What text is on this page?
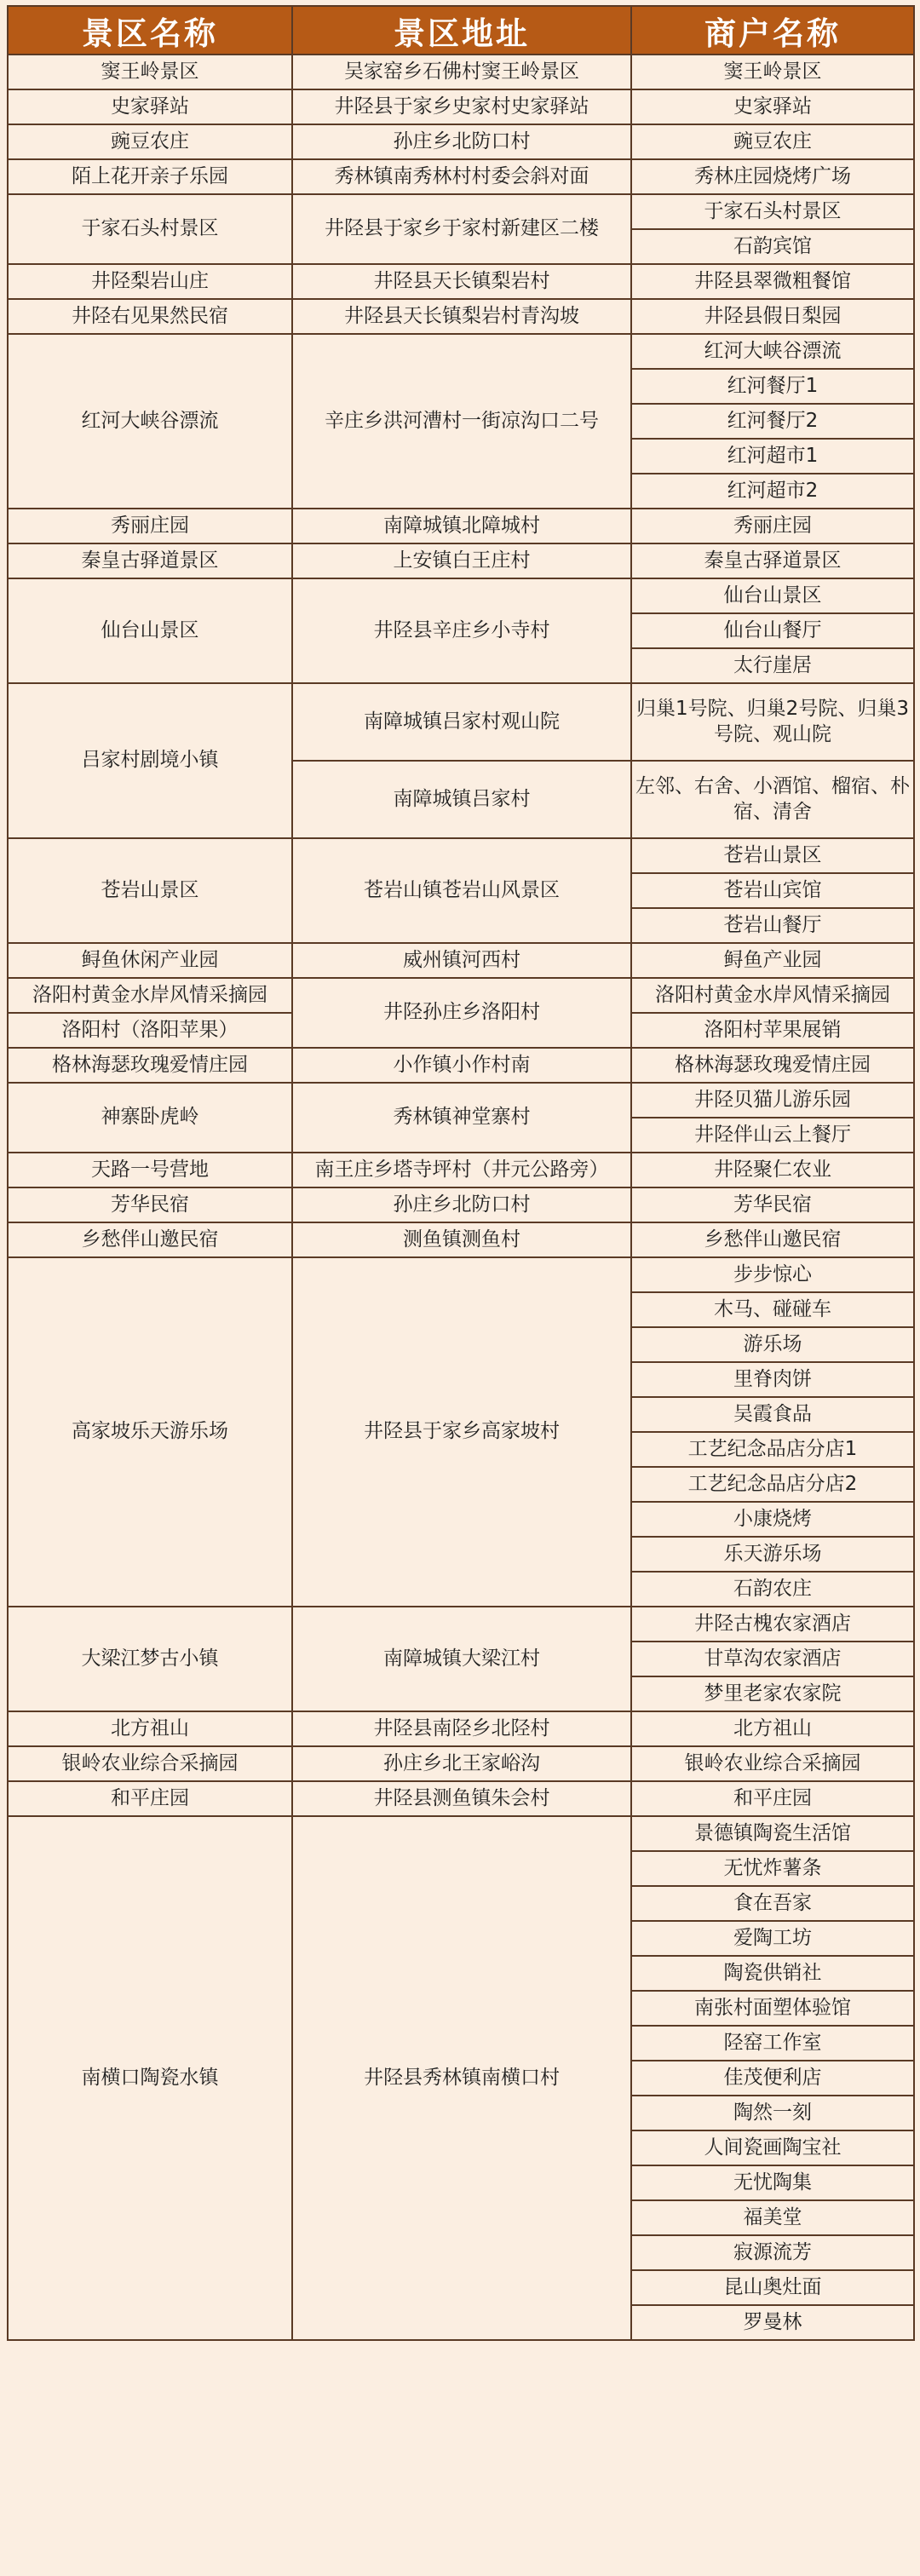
景区名称	景区地址	商户名称
窦王岭景区	吴家窑乡石佛村窦王岭景区	窦王岭景区
史家驿站	井陉县于家乡史家村史家驿站	史家驿站
豌豆农庄	孙庄乡北防口村	豌豆农庄
陌上花开亲子乐园	秀林镇南秀林村村委会斜对面	秀林庄园烧烤广场
于家石头村景区	井陉县于家乡于家村新建区二楼	于家石头村景区
		石韵宾馆
井陉梨岩山庄	井陉县天长镇梨岩村	井陉县翠微粗餐馆
井陉右见果然民宿	井陉县天长镇梨岩村青沟坡	井陉县假日梨园
红河大峡谷漂流	辛庄乡洪河漕村一街凉沟口二号	红河大峡谷漂流
		红河餐厅1
		红河餐厅2
		红河超市1
		红河超市2
秀丽庄园	南障城镇北障城村	秀丽庄园
秦皇古驿道景区	上安镇白王庄村	秦皇古驿道景区
仙台山景区	井陉县辛庄乡小寺村	仙台山景区
		仙台山餐厅
		太行崖居
吕家村剧境小镇	南障城镇吕家村观山院	归巢1号院、归巢2号院、归巢3号院、观山院
	南障城镇吕家村	左邻、右舍、小酒馆、榴宿、朴宿、清舍
苍岩山景区	苍岩山镇苍岩山风景区	苍岩山景区
		苍岩山宾馆
		苍岩山餐厅
鲟鱼休闲产业园	威州镇河西村	鲟鱼产业园
洛阳村黄金水岸风情采摘园	井陉孙庄乡洛阳村	洛阳村黄金水岸风情采摘园
洛阳村（洛阳苹果）		洛阳村苹果展销
格林海瑟玫瑰爱情庄园	小作镇小作村南	格林海瑟玫瑰爱情庄园
神寨卧虎岭	秀林镇神堂寨村	井陉贝猫儿游乐园
		井陉伴山云上餐厅
天路一号营地	南王庄乡塔寺坪村（井元公路旁）	井陉聚仁农业
芳华民宿	孙庄乡北防口村	芳华民宿
乡愁伴山邀民宿	测鱼镇测鱼村	乡愁伴山邀民宿
高家坡乐天游乐场	井陉县于家乡高家坡村	步步惊心
		木马、碰碰车
		游乐场
		里脊肉饼
		吴霞食品
		工艺纪念品店分店1
		工艺纪念品店分店2
		小康烧烤
		乐天游乐场
		石韵农庄
大梁江梦古小镇	南障城镇大梁江村	井陉古槐农家酒店
		甘草沟农家酒店
		梦里老家农家院
北方祖山	井陉县南陉乡北陉村	北方祖山
银岭农业综合采摘园	孙庄乡北王家峪沟	银岭农业综合采摘园
和平庄园	井陉县测鱼镇朱会村	和平庄园
南横口陶瓷水镇	井陉县秀林镇南横口村	景德镇陶瓷生活馆
		无忧炸薯条
		食在吾家
		爱陶工坊
		陶瓷供销社
		南张村面塑体验馆
		陉窑工作室
		佳茂便利店
		陶然一刻
		人间瓷画陶宝社
		无忧陶集
		福美堂
		寂源流芳
		昆山奥灶面
		罗曼林
